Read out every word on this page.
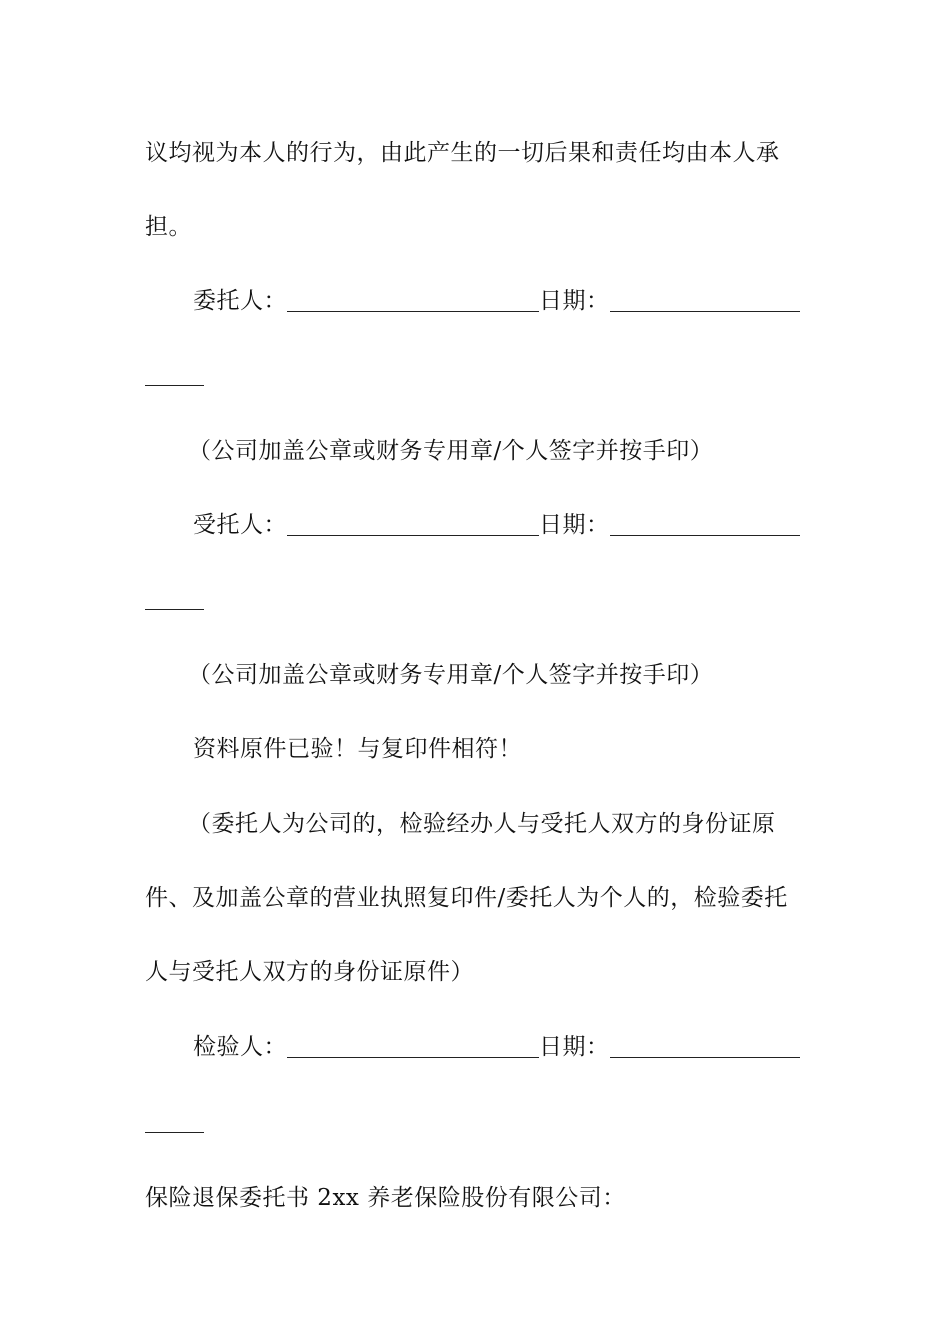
议均视为本人的行为，由此产生的一切后果和责任均由本人承
担。
委托人：	日期：
（公司加盖公章或财务专用章/个人签字并按手印）
受托人：	日期：
（公司加盖公章或财务专用章/个人签字并按手印）
资料原件已验！与复印件相符！
（委托人为公司的，检验经办人与受托人双方的身份证原
件、及加盖公章的营业执照复印件/委托人为个人的，检验委托
人与受托人双方的身份证原件）
检验人：	日期：
保险退保委托书 2xx 养老保险股份有限公司：
